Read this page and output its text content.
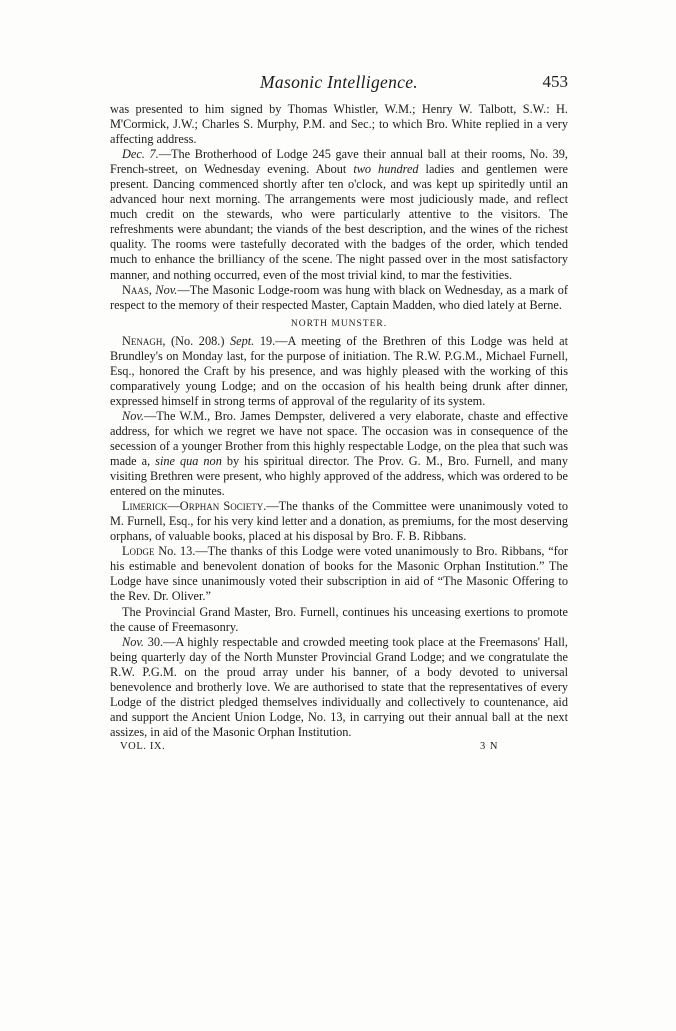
Masonic Intelligence.	453

was presented to him signed by Thomas Whistler, W.M.; Henry W. Talbott, S.W.: H. M'Cormick, J.W.; Charles S. Murphy, P.M. and Sec.; to which Bro. White replied in a very affecting address.

Dec. 7.—The Brotherhood of Lodge 245 gave their annual ball at their rooms, No. 39, French-street, on Wednesday evening. About two hundred ladies and gentlemen were present. Dancing commenced shortly after ten o'clock, and was kept up spiritedly until an advanced hour next morning. The arrangements were most judiciously made, and reflect much credit on the stewards, who were particularly attentive to the visitors. The refreshments were abundant; the viands of the best description, and the wines of the richest quality. The rooms were tastefully decorated with the badges of the order, which tended much to enhance the brilliancy of the scene. The night passed over in the most satisfactory manner, and nothing occurred, even of the most trivial kind, to mar the festivities.

Naas, Nov.—The Masonic Lodge-room was hung with black on Wednesday, as a mark of respect to the memory of their respected Master, Captain Madden, who died lately at Berne.

NORTH MUNSTER.

Nenagh, (No. 208.) Sept. 19.—A meeting of the Brethren of this Lodge was held at Brundley's on Monday last, for the purpose of initiation. The R.W. P.G.M., Michael Furnell, Esq., honored the Craft by his presence, and was highly pleased with the working of this comparatively young Lodge; and on the occasion of his health being drunk after dinner, expressed himself in strong terms of approval of the regularity of its system.

Nov.—The W.M., Bro. James Dempster, delivered a very elaborate, chaste and effective address, for which we regret we have not space. The occasion was in consequence of the secession of a younger Brother from this highly respectable Lodge, on the plea that such was made a, sine qua non by his spiritual director. The Prov. G. M., Bro. Furnell, and many visiting Brethren were present, who highly approved of the address, which was ordered to be entered on the minutes.

Limerick—Orphan Society.—The thanks of the Committee were unanimously voted to M. Furnell, Esq., for his very kind letter and a donation, as premiums, for the most deserving orphans, of valuable books, placed at his disposal by Bro. F. B. Ribbans.

Lodge No. 13.—The thanks of this Lodge were voted unanimously to Bro. Ribbans, “for his estimable and benevolent donation of books for the Masonic Orphan Institution.” The Lodge have since unanimously voted their subscription in aid of “The Masonic Offering to the Rev. Dr. Oliver.”

The Provincial Grand Master, Bro. Furnell, continues his unceasing exertions to promote the cause of Freemasonry.

Nov. 30.—A highly respectable and crowded meeting took place at the Freemasons' Hall, being quarterly day of the North Munster Provincial Grand Lodge; and we congratulate the R.W. P.G.M. on the proud array under his banner, of a body devoted to universal benevolence and brotherly love. We are authorised to state that the representatives of every Lodge of the district pledged themselves individually and collectively to countenance, aid and support the Ancient Union Lodge, No. 13, in carrying out their annual ball at the next assizes, in aid of the Masonic Orphan Institution.

VOL. IX.	3 N
